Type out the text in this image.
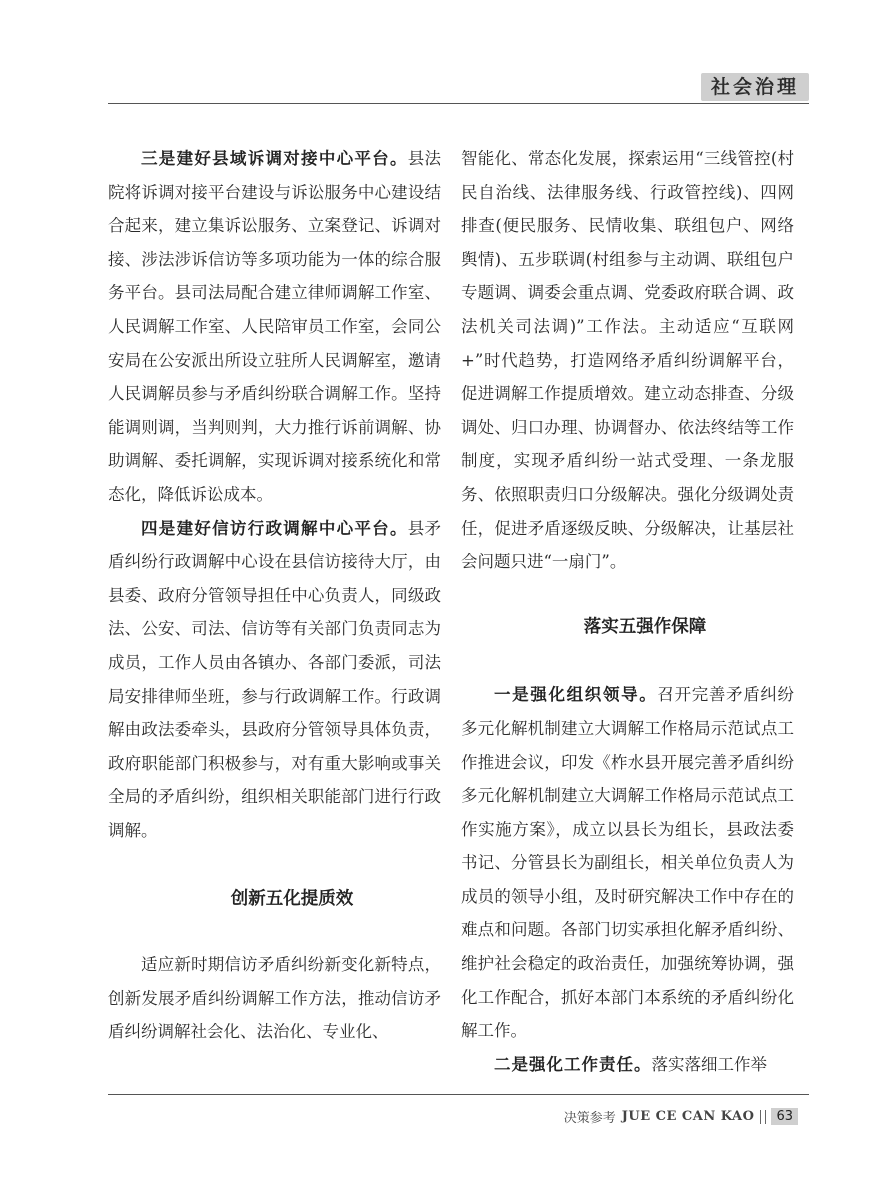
社会治理

三是建好县域诉调对接中心平台。县法院将诉调对接平台建设与诉讼服务中心建设结合起来，建立集诉讼服务、立案登记、诉调对接、涉法涉诉信访等多项功能为一体的综合服务平台。县司法局配合建立律师调解工作室、人民调解工作室、人民陪审员工作室，会同公安局在公安派出所设立驻所人民调解室，邀请人民调解员参与矛盾纠纷联合调解工作。坚持能调则调，当判则判，大力推行诉前调解、协助调解、委托调解，实现诉调对接系统化和常态化，降低诉讼成本。

四是建好信访行政调解中心平台。县矛盾纠纷行政调解中心设在县信访接待大厅，由县委、政府分管领导担任中心负责人，同级政法、公安、司法、信访等有关部门负责同志为成员，工作人员由各镇办、各部门委派，司法局安排律师坐班，参与行政调解工作。行政调解由政法委牵头，县政府分管领导具体负责，政府职能部门积极参与，对有重大影响或事关全局的矛盾纠纷，组织相关职能部门进行行政调解。

创新五化提质效

适应新时期信访矛盾纠纷新变化新特点，创新发展矛盾纠纷调解工作方法，推动信访矛盾纠纷调解社会化、法治化、专业化、

智能化、常态化发展，探索运用“三线管控(村民自治线、法律服务线、行政管控线)、四网排查(便民服务、民情收集、联组包户、网络舆情)、五步联调(村组参与主动调、联组包户专题调、调委会重点调、党委政府联合调、政法机关司法调)”工作法。主动适应“互联网+”时代趋势，打造网络矛盾纠纷调解平台，促进调解工作提质增效。建立动态排查、分级调处、归口办理、协调督办、依法终结等工作制度，实现矛盾纠纷一站式受理、一条龙服务、依照职责归口分级解决。强化分级调处责任，促进矛盾逐级反映、分级解决，让基层社会问题只进“一扇门”。

落实五强作保障

一是强化组织领导。召开完善矛盾纠纷多元化解机制建立大调解工作格局示范试点工作推进会议，印发《柞水县开展完善矛盾纠纷多元化解机制建立大调解工作格局示范试点工作实施方案》，成立以县长为组长，县政法委书记、分管县长为副组长，相关单位负责人为成员的领导小组，及时研究解决工作中存在的难点和问题。各部门切实承担化解矛盾纠纷、维护社会稳定的政治责任，加强统筹协调，强化工作配合，抓好本部门本系统的矛盾纠纷化解工作。

二是强化工作责任。落实落细工作举

决策参考 JUE CE CAN KAO	63
